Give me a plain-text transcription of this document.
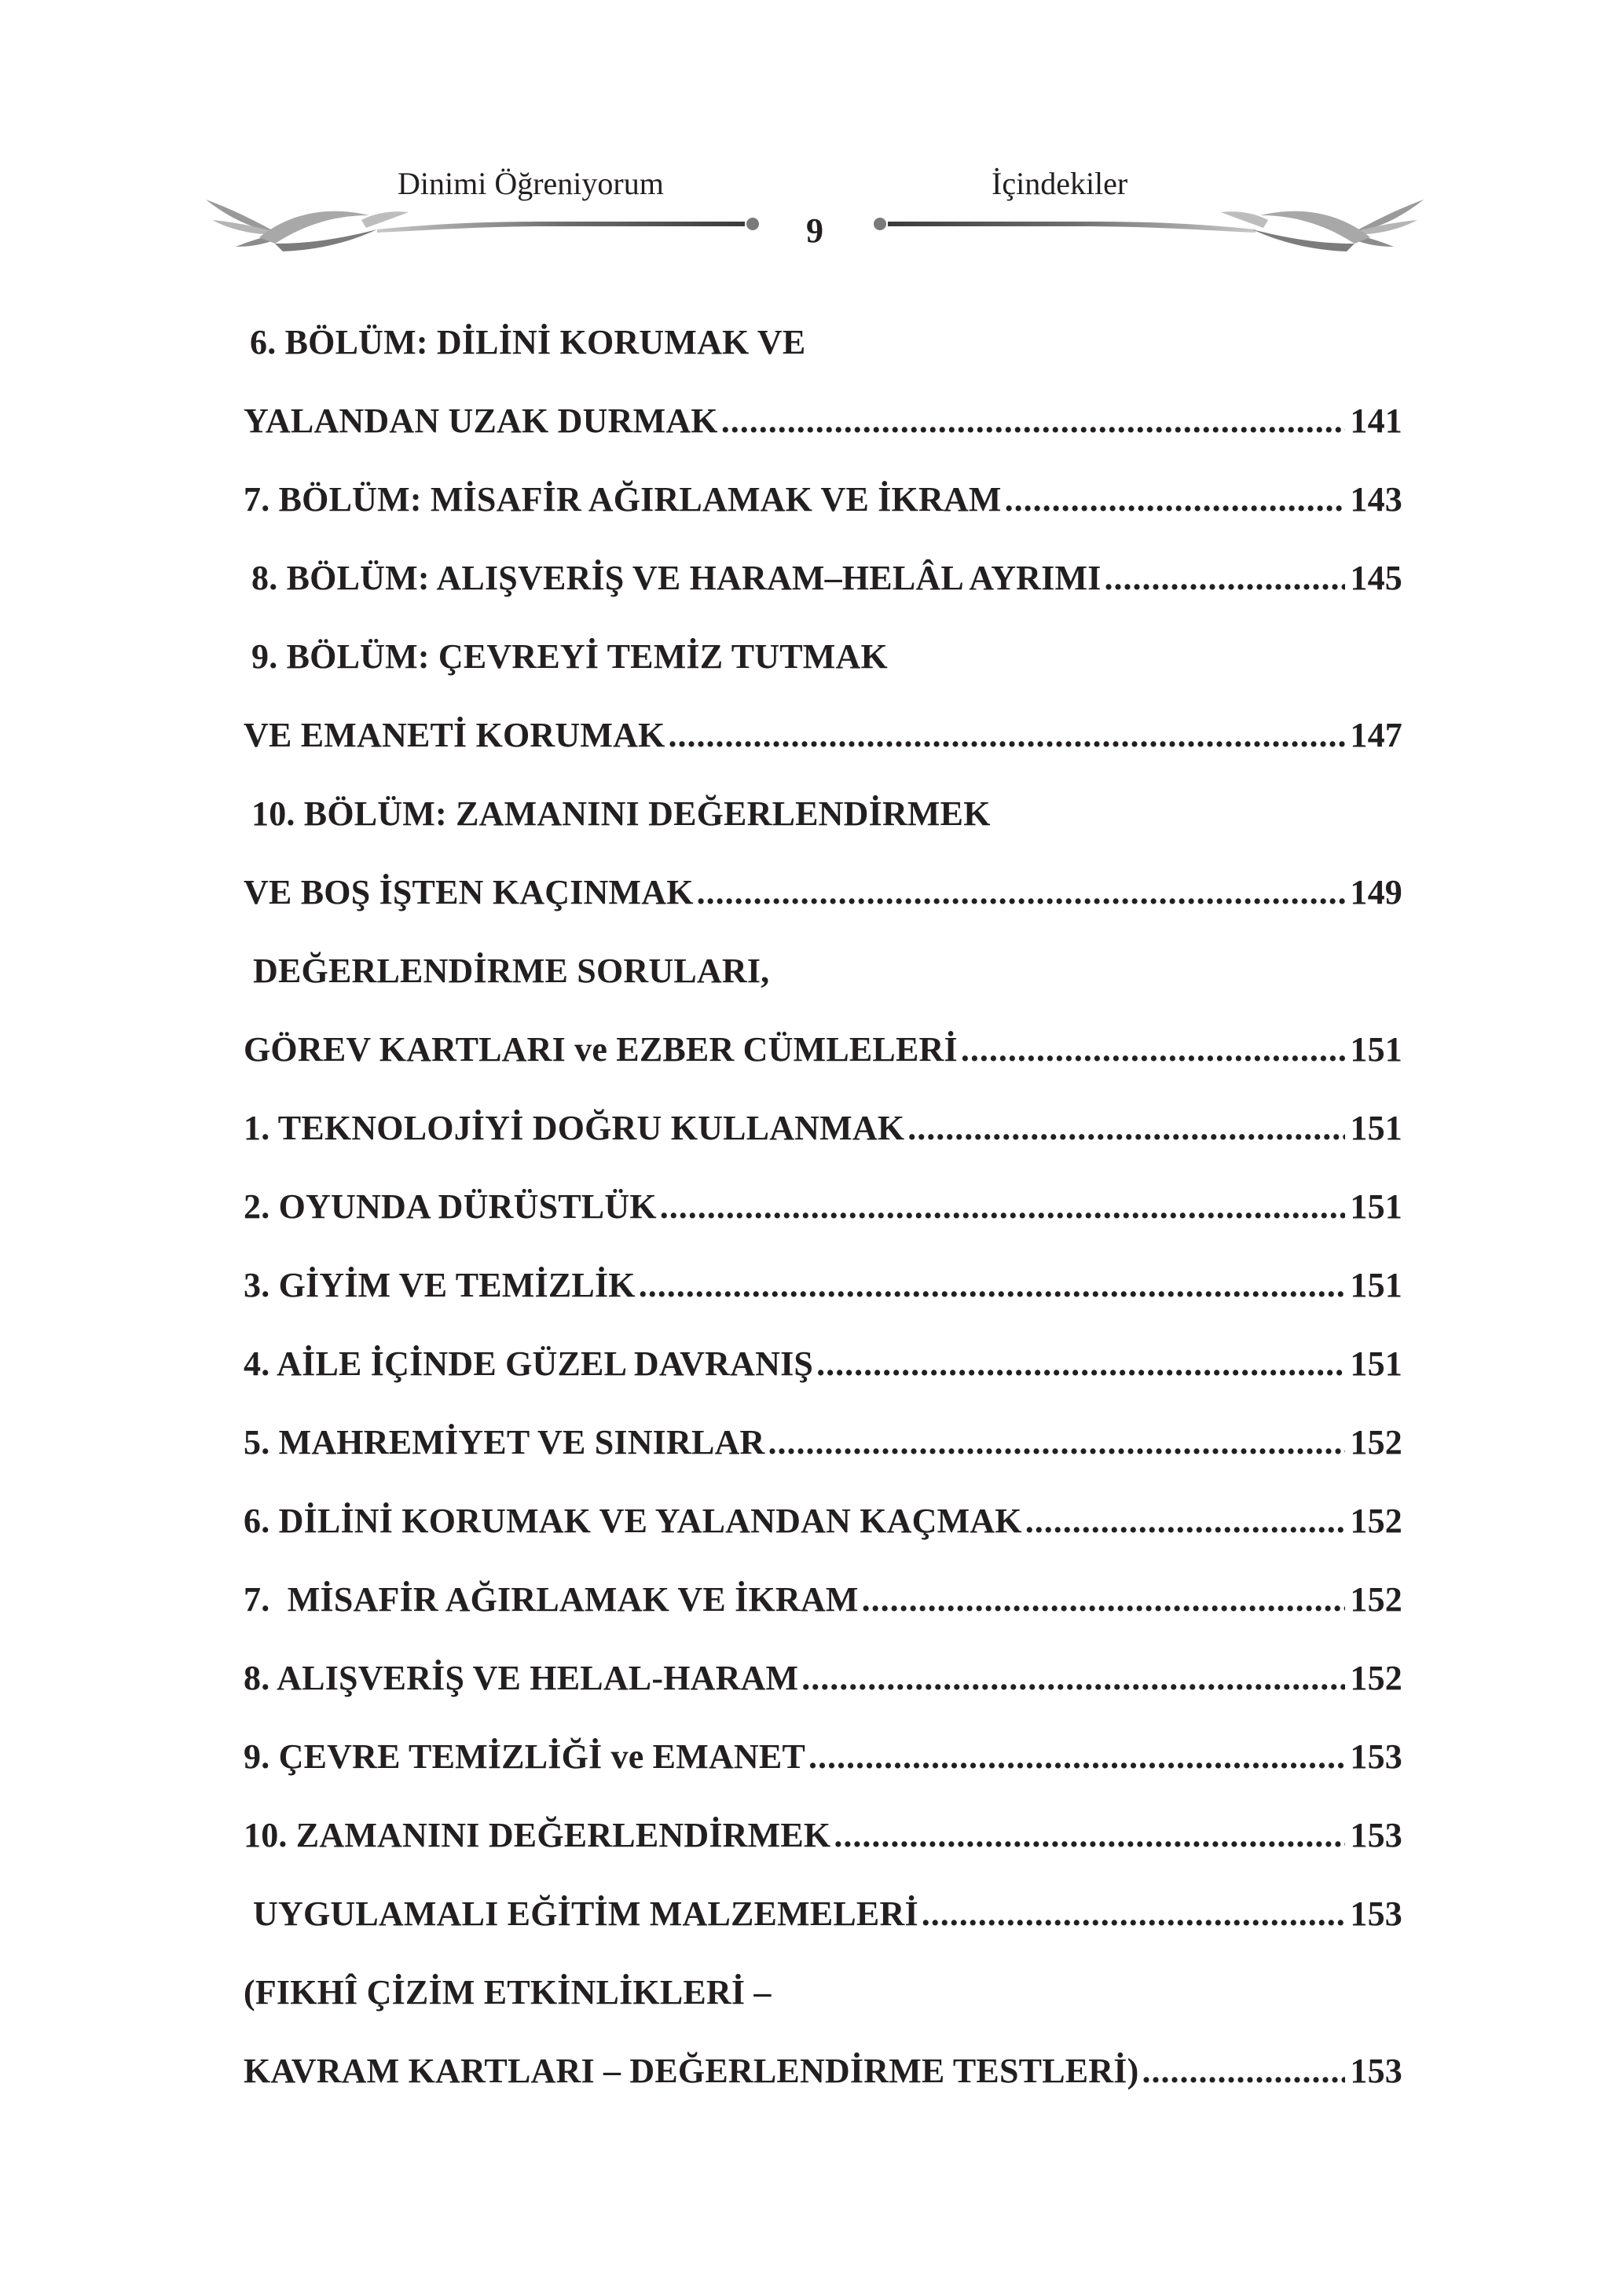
Dinimi Öğreniyorum	İçindekiler
9
6. BÖLÜM: DİLİNİ KORUMAK VE
YALANDAN UZAK DURMAK .....	141
7. BÖLÜM: MİSAFİR AĞIRLAMAK VE İKRAM .....	143
8. BÖLÜM: ALIŞVERİŞ VE HARAM–HELÂL AYRIMI .....	145
9. BÖLÜM: ÇEVREYİ TEMİZ TUTMAK
VE EMANETİ KORUMAK .....	147
10. BÖLÜM: ZAMANINI DEĞERLENDİRMEK
VE BOŞ İŞTEN KAÇINMAK .....	149
DEĞERLENDİRME SORULARI,
GÖREV KARTLARI ve EZBER CÜMLELERİ .....	151
1. TEKNOLOJİYİ DOĞRU KULLANMAK .....	151
2. OYUNDA DÜRÜSTLÜK .....	151
3. GİYİM VE TEMİZLİK .....	151
4. AİLE İÇİNDE GÜZEL DAVRANIŞ .....	151
5. MAHREMİYET VE SINIRLAR .....	152
6. DİLİNİ KORUMAK VE YALANDAN KAÇMAK .....	152
7.  MİSAFİR AĞIRLAMAK VE İKRAM .....	152
8. ALIŞVERİŞ VE HELAL-HARAM .....	152
9. ÇEVRE TEMİZLİĞİ ve EMANET .....	153
10. ZAMANINI DEĞERLENDİRMEK .....	153
UYGULAMALI EĞİTİM MALZEMELERİ .....	153
(FIKHÎ ÇİZİM ETKİNLİKLERİ –
KAVRAM KARTLARI – DEĞERLENDİRME TESTLERİ) .....	153
